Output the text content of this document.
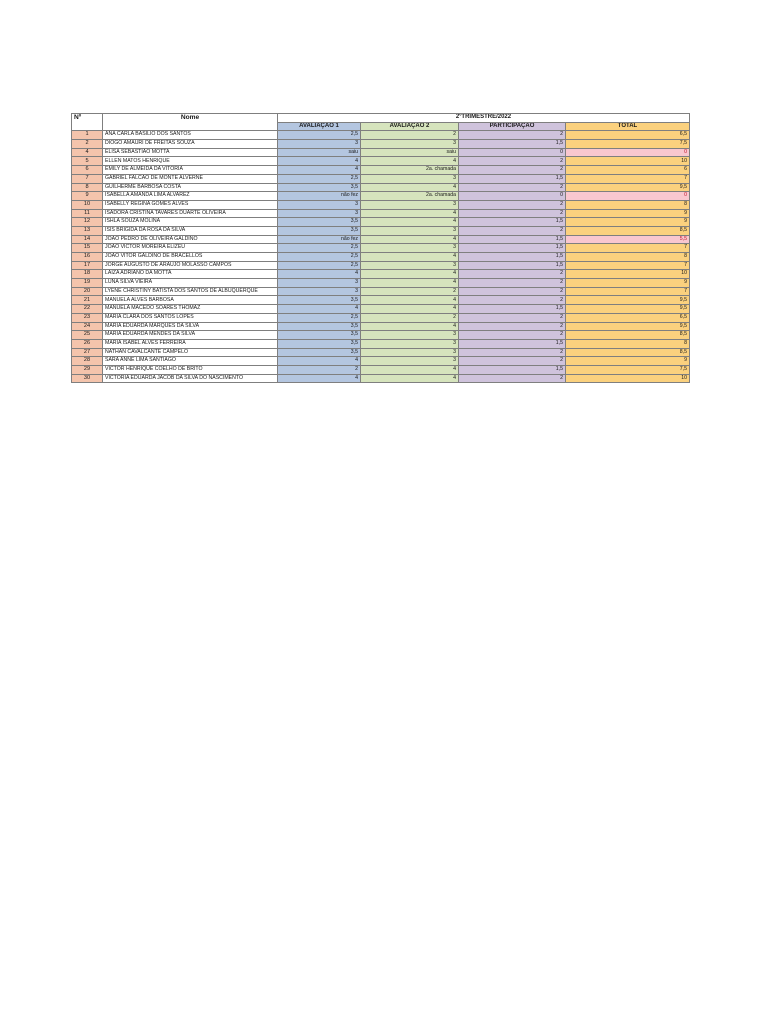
Nº	Nome	2ºTRIMESTRE/2022			
		AVALIAÇÃO 1	AVALIAÇÃO 2	PARTICIPAÇÃO	TOTAL
1	ANA CARLA BASILIO DOS SANTOS	2,5	2	2	6,5
2	DIOGO AMAURI DE FREITAS SOUZA	3	3	1,5	7,5
4	ELISA SEBASTIÃO MOTTA	saiu	saiu	0	0
5	ELLEN MATOS HENRIQUE	4	4	2	10
6	EMILY DE ALMEIDA DA VITÓRIA	4	2a. chamada	2	6
7	GABRIEL FALCÃO DE MONTE ALVERNE	2,5	3	1,5	7
8	GUILHERME BARBOSA COSTA	3,5	4	2	9,5
9	ISABELLA AMANDA LIMA ALVAREZ	não fez	2a. chamada	0	0
10	ISABELLY REGINA GOMES ALVES	3	3	2	8
11	ISADORA CRISTINA TAVARES DUARTE OLIVEIRA	3	4	2	9
12	ISHLA SOUZA MOLINA	3,5	4	1,5	9
13	ISIS BRIGIDA DA ROSA DA SILVA	3,5	3	2	8,5
14	JOÃO PEDRO DE OLIVEIRA GALDINO	não fez	4	1,5	5,5
15	JOÃO VICTOR MOREIRA ELIZEU	2,5	3	1,5	7
16	JOÃO VITOR GALDINO DE BRACELLOS	2,5	4	1,5	8
17	JORGE AUGUSTO DE ARAUJO MOLASSO CAMPOS	2,5	3	1,5	7
18	LAIZA ADRIANO DA MOTTA	4	4	2	10
19	LUNA SILVA VIEIRA	3	4	2	9
20	LYENE CHRISTINY BATISTA DOS SANTOS DE ALBUQUERQUE	3	2	2	7
21	MANUELA ALVES BARBOSA	3,5	4	2	9,5
22	MANUELA MACEDO SOARES THOMAZ	4	4	1,5	9,5
23	MARIA CLARA DOS SANTOS LOPES	2,5	2	2	6,5
24	MARIA EDUARDA MARQUES DA SILVA	3,5	4	2	9,5
25	MARIA EDUARDA MENDES DA SILVA	3,5	3	2	8,5
26	MARIA ISABEL ALVES FERREIRA	3,5	3	1,5	8
27	NATHAN CAVALCANTE CAMPELO	3,5	3	2	8,5
28	SARA ANNE LIMA SANTIAGO	4	3	2	9
29	VICTOR HENRIQUE COELHO DE BRITO	2	4	1,5	7,5
30	VICTORIA EDUARDA JACOB DA SILVA DO NASCIMENTO	4	4	2	10
